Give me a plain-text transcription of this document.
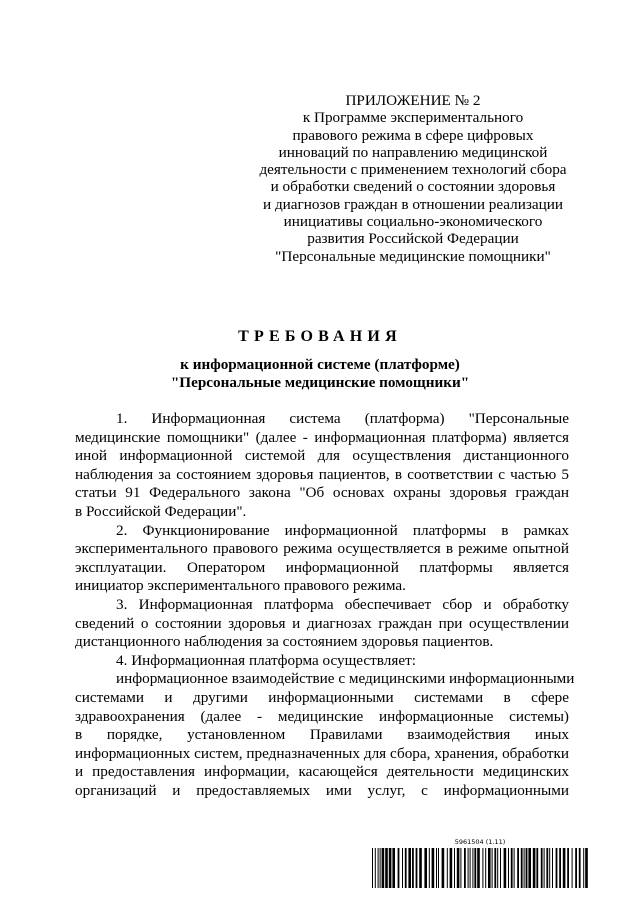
ПРИЛОЖЕНИЕ № 2
к Программе экспериментального
правового режима в сфере цифровых
инноваций по направлению медицинской
деятельности с применением технологий сбора
и обработки сведений о состоянии здоровья
и диагнозов граждан в отношении реализации
инициативы социально-экономического
развития Российской Федерации
"Персональные медицинские помощники"
ТРЕБОВАНИЯ
к информационной системе (платформе)
"Персональные медицинские помощники"
1. Информационная система (платформа) "Персональные
медицинские помощники" (далее - информационная платформа) является
иной информационной системой для осуществления дистанционного
наблюдения за состоянием здоровья пациентов, в соответствии с частью 5
статьи 91 Федерального закона "Об основах охраны здоровья граждан
в Российской Федерации".
2. Функционирование информационной платформы в рамках
экспериментального правового режима осуществляется в режиме опытной
эксплуатации. Оператором информационной платформы является
инициатор экспериментального правового режима.
3. Информационная платформа обеспечивает сбор и обработку
сведений о состоянии здоровья и диагнозах граждан при осуществлении
дистанционного наблюдения за состоянием здоровья пациентов.
4. Информационная платформа осуществляет:
информационное взаимодействие с медицинскими информационными
системами и другими информационными системами в сфере
здравоохранения (далее - медицинские информационные системы)
в порядке, установленном Правилами взаимодействия иных
информационных систем, предназначенных для сбора, хранения, обработки
и предоставления информации, касающейся деятельности медицинских
организаций и предоставляемых ими услуг, с информационными
5961504 (1.11)
